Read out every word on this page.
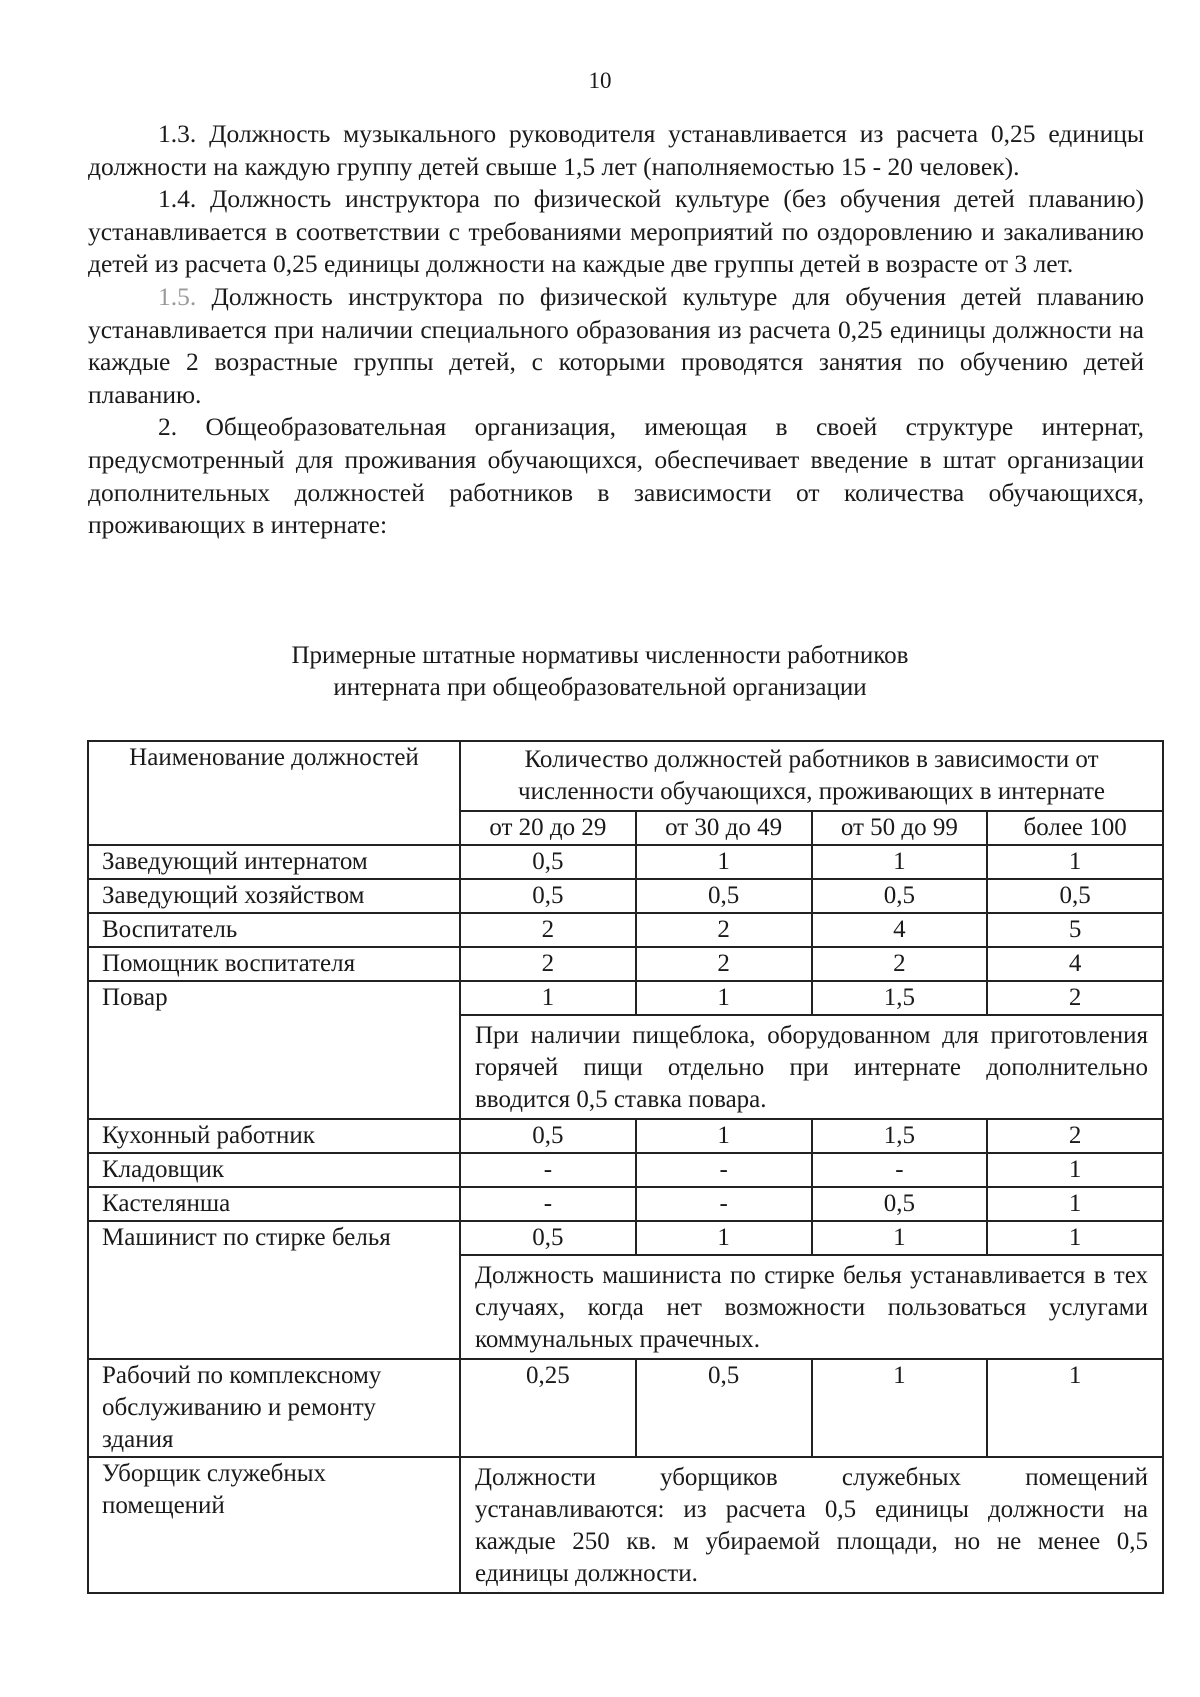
10

1.3. Должность музыкального руководителя устанавливается из расчета 0,25 единицы должности на каждую группу детей свыше 1,5 лет (наполняемостью 15 - 20 человек).

1.4. Должность инструктора по физической культуре (без обучения детей плаванию) устанавливается в соответствии с требованиями мероприятий по оздоровлению и закаливанию детей из расчета 0,25 единицы должности на каждые две группы детей в возрасте от 3 лет.

1.5. Должность инструктора по физической культуре для обучения детей плаванию устанавливается при наличии специального образования из расчета 0,25 единицы должности на каждые 2 возрастные группы детей, с которыми проводятся занятия по обучению детей плаванию.

2. Общеобразовательная организация, имеющая в своей структуре интернат, предусмотренный для проживания обучающихся, обеспечивает введение в штат организации дополнительных должностей работников в зависимости от количества обучающихся, проживающих в интернате:

Примерные штатные нормативы численности работников
интерната при общеобразовательной организации
Наименование должностей	Количество должностей работников в зависимости от численности обучающихся, проживающих в интернате			
	от 20 до 29	от 30 до 49	от 50 до 99	более 100
Заведующий интернатом	0,5	1	1	1
Заведующий хозяйством	0,5	0,5	0,5	0,5
Воспитатель	2	2	4	5
Помощник воспитателя	2	2	2	4
Повар	1	1	1,5	2
	При наличии пищеблока, оборудованном для приготовления горячей пищи отдельно при интернате дополнительно вводится 0,5 ставка повара.			
Кухонный работник	0,5	1	1,5	2
Кладовщик	-	-	-	1
Кастелянша	-	-	0,5	1
Машинист по стирке белья	0,5	1	1	1
	Должность машиниста по стирке белья устанавливается в тех случаях, когда нет возможности пользоваться услугами коммунальных прачечных.			
Рабочий по комплексному обслуживанию и ремонту здания	0,25	0,5	1	1
Уборщик служебных помещений	Должности уборщиков служебных помещений устанавливаются: из расчета 0,5 единицы должности на каждые 250 кв. м убираемой площади, но не менее 0,5 единицы должности.			
